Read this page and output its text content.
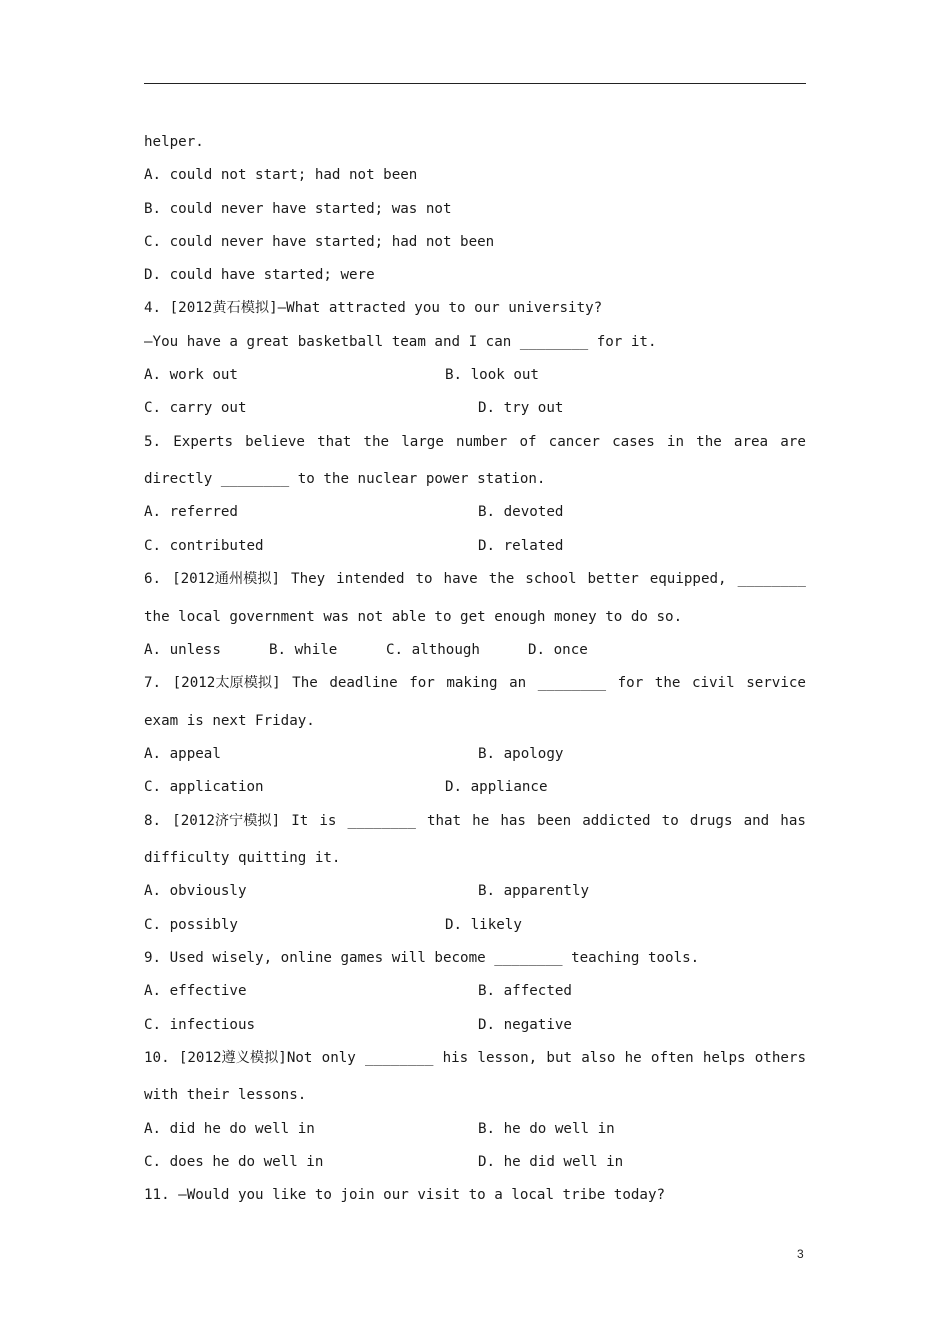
helper.
A. could not start; had not been
B. could never have started; was not
C. could never have started; had not been
D. could have started; were
4. [2012黄石模拟]—What attracted you to our university?
—You have a great basketball team and I can ________ for it.

A. work out

	B. look out

C. carry out

	D. try out

5. Experts believe that the large number of cancer cases in the area are
directly ________ to the nuclear power station.

A. referred

	B. devoted

C. contributed

	D. related

6. [2012通州模拟] They intended to have the school better equipped, ________
the local government was not able to get enough money to do so.

A. unless

	B. while

	C. although

	D. once

7. [2012太原模拟] The deadline for making an ________ for the civil service
exam is next Friday.

A. appeal

	B. apology

C. application

	D. appliance

8. [2012济宁模拟] It is ________ that he has been addicted to drugs and has
difficulty quitting it.

A. obviously

	B. apparently

C. possibly

	D. likely

9. Used wisely, online games will become ________ teaching tools.

A. effective

	B. affected

C. infectious

	D. negative

10. [2012遵义模拟]Not only ________ his lesson, but also he often helps others
with their lessons.

A. did he do well in

	B. he do well in

C. does he do well in

	D. he did well in

11. —Would you like to join our visit to a local tribe today?
3
